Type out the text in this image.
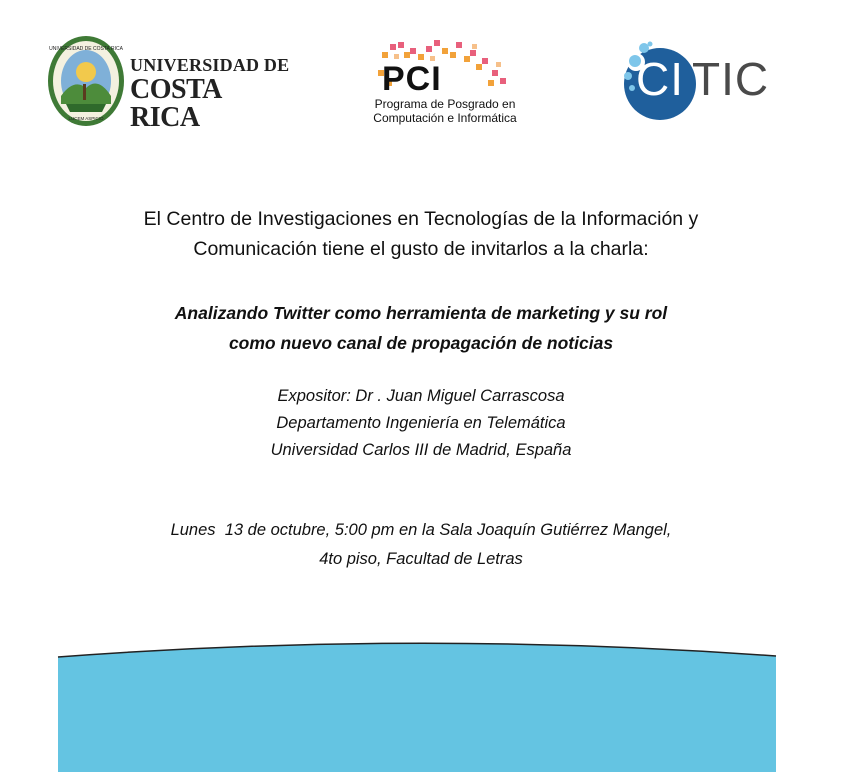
UNIVERSIDAD DE COSTA RICA
LUCEM ASPICIO
UNIVERSIDAD DE
COSTA RICA
PCI
Programa de Posgrado en
Computación e Informática
CI TIC
El Centro de Investigaciones en Tecnologías de la Información y
Comunicación tiene el gusto de invitarlos a la charla:
Analizando Twitter como herramienta de marketing y su rol
como nuevo canal de propagación de noticias
Expositor: Dr . Juan Miguel Carrascosa
Departamento Ingeniería en Telemática
Universidad Carlos III de Madrid, España
Lunes  13 de octubre, 5:00 pm en la Sala Joaquín Gutiérrez Mangel,
4to piso, Facultad de Letras
